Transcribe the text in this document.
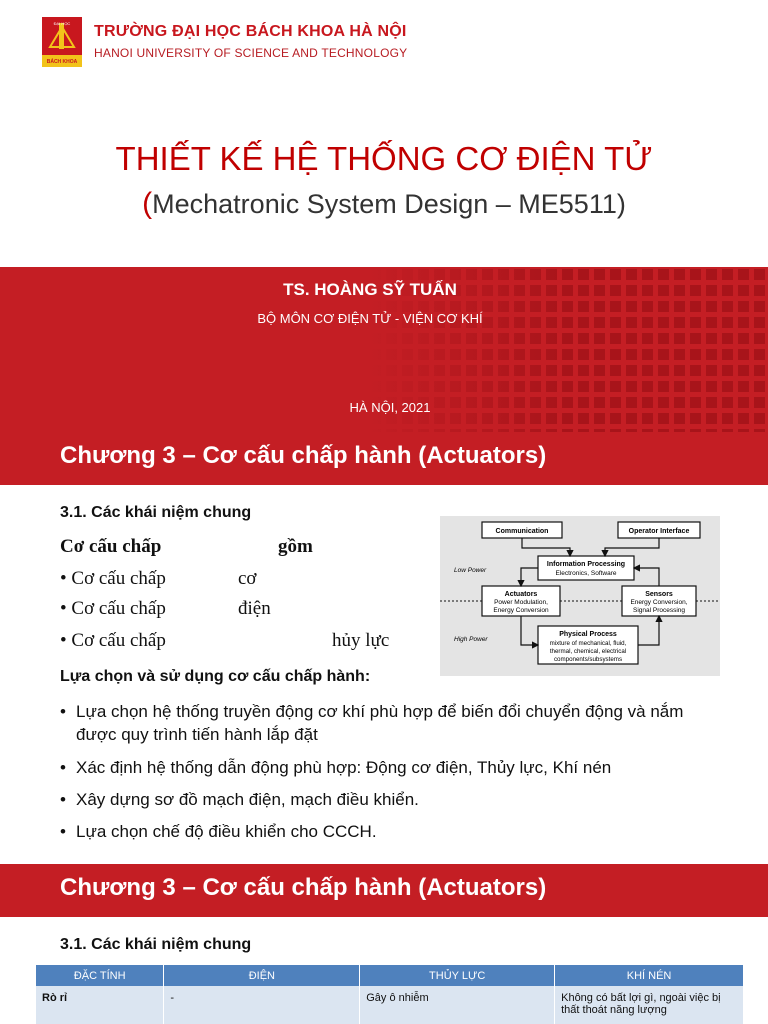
ĐẠI HỌC
BÁCH KHOA
TRƯỜNG ĐẠI HỌC BÁCH KHOA HÀ NỘI
HANOI UNIVERSITY OF SCIENCE AND TECHNOLOGY
THIẾT KẾ HỆ THỐNG CƠ ĐIỆN TỬ
(Mechatronic System Design – ME5511)
TS. HOÀNG SỸ TUẤN
BỘ MÔN CƠ ĐIỆN TỬ - VIỆN CƠ KHÍ
HÀ NỘI, 2021
Chương 3 – Cơ cấu chấp hành (Actuators)
3.1. Các khái niệm chung
Cơ cấu chấp	gồm
• Cơ cấu chấp	cơ
• Cơ cấu chấp	điện
• Cơ cấu chấp	hủy lực
Lựa chọn và sử dụng cơ cấu chấp hành:
• Lựa chọn hệ thống truyền động cơ khí phù hợp để biến đổi chuyển động và nắm được quy trình tiến hành lắp đặt
• Xác định hệ thống dẫn động phù hợp: Động cơ điện, Thủy lực, Khí nén
• Xây dựng sơ đồ mạch điện, mạch điều khiển.
• Lựa chọn chế độ điều khiển cho CCCH.
Communication	Operator Interface
Information Processing
Electronics, Software
Low Power
Actuators
Power Modulation,
Energy Conversion
Sensors
Energy Conversion,
Signal Processing
High Power
Physical Process
mixture of mechanical, fluid,
thermal, chemical, electrical
components/subsystems
Chương 3 – Cơ cấu chấp hành (Actuators)
3.1. Các khái niệm chung
ĐẶC TÍNH	ĐIỆN	THỦY LỰC	KHÍ NÉN
Rò rỉ	-	Gây ô nhiễm	Không có bất lợi gì, ngoài việc bị thất thoát năng lượng
